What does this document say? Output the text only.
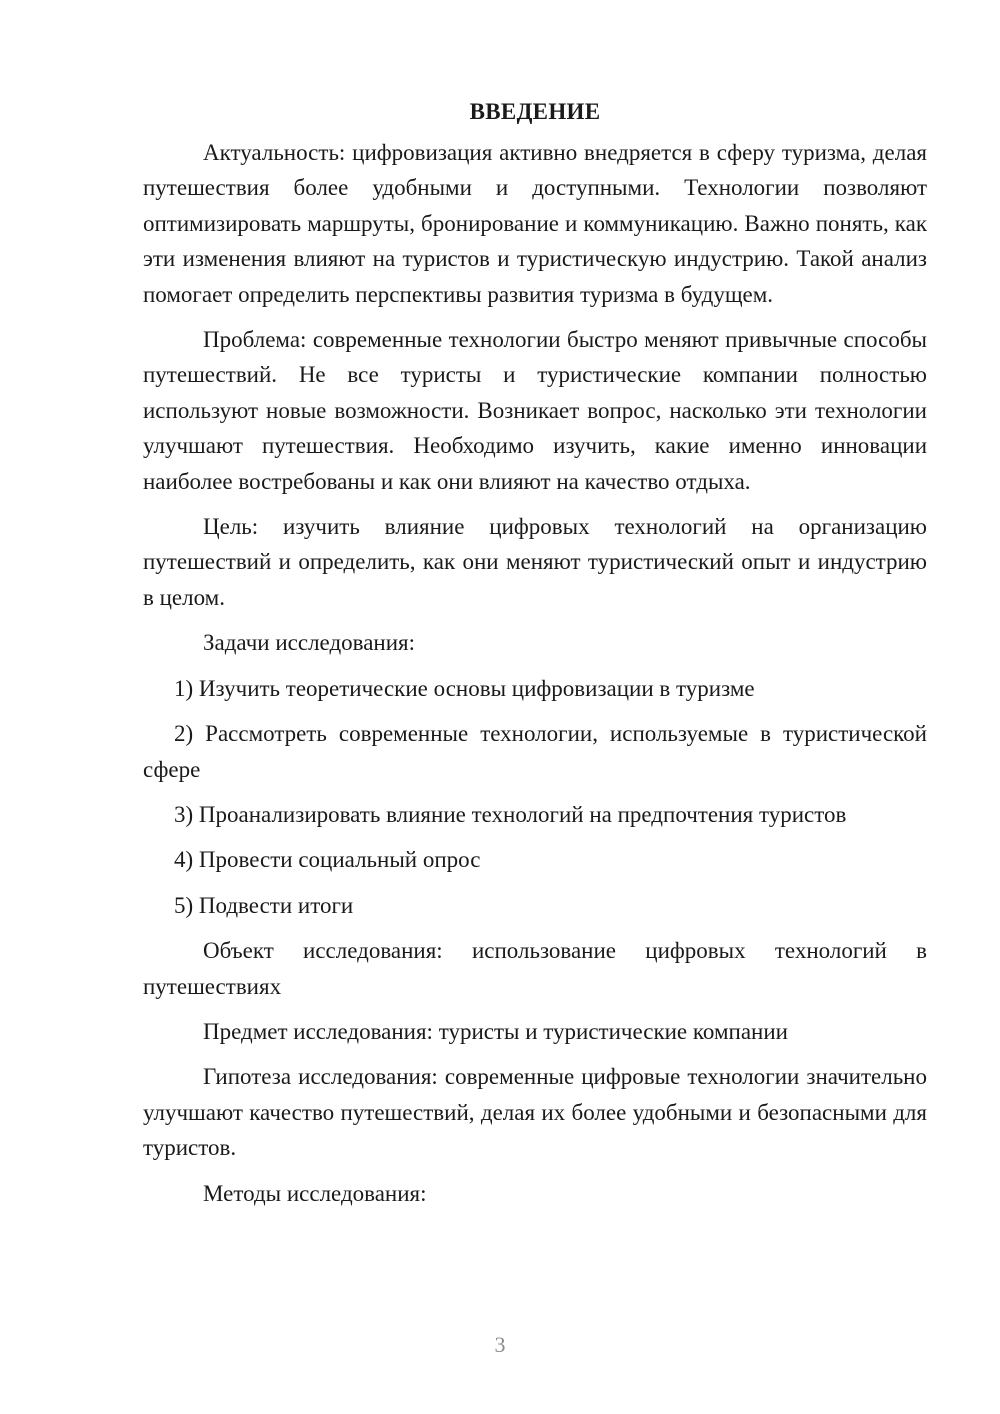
ВВЕДЕНИЕ

Актуальность: цифровизация активно внедряется в сферу туризма, делая путешествия более удобными и доступными. Технологии позволяют оптимизировать маршруты, бронирование и коммуникацию. Важно понять, как эти изменения влияют на туристов и туристическую индустрию. Такой анализ помогает определить перспективы развития туризма в будущем.

Проблема: современные технологии быстро меняют привычные способы путешествий. Не все туристы и туристические компании полностью используют новые возможности. Возникает вопрос, насколько эти технологии улучшают путешествия. Необходимо изучить, какие именно инновации наиболее востребованы и как они влияют на качество отдыха.

Цель: изучить влияние цифровых технологий на организацию путешествий и определить, как они меняют туристический опыт и индустрию в целом.

Задачи исследования:

1) Изучить теоретические основы цифровизации в туризме

2) Рассмотреть современные технологии, используемые в туристической сфере

3) Проанализировать влияние технологий на предпочтения туристов

4) Провести социальный опрос

5) Подвести итоги

Объект исследования: использование цифровых технологий в путешествиях

Предмет исследования: туристы и туристические компании

Гипотеза исследования: современные цифровые технологии значительно улучшают качество путешествий, делая их более удобными и безопасными для туристов.

Методы исследования:

3
